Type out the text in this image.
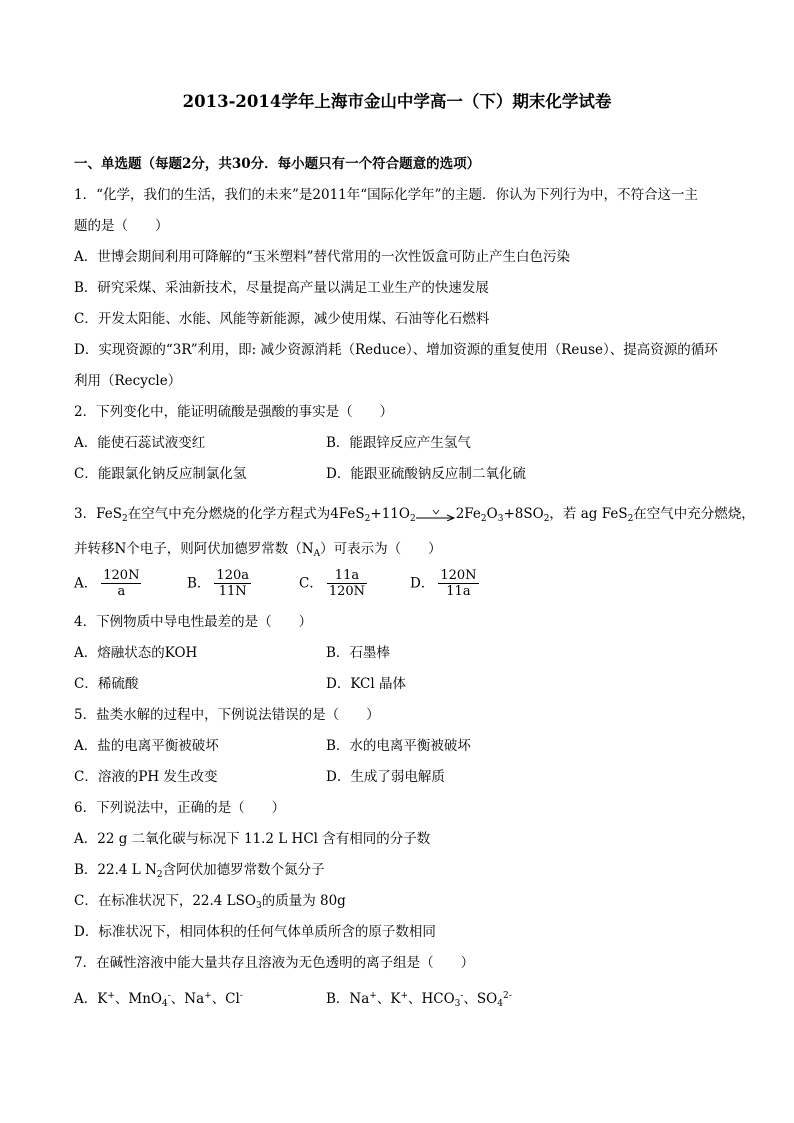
2013-2014学年上海市金山中学高一（下）期末化学试卷
一、单选题（每题2分，共30分．每小题只有一个符合题意的选项）
1．“化学，我们的生活，我们的未来”是2011年“国际化学年”的主题．你认为下列行为中，不符合这一主
题的是（　　）
A．世博会期间利用可降解的“玉米塑料”替代常用的一次性饭盒可防止产生白色污染
B．研究采煤、采油新技术，尽量提高产量以满足工业生产的快速发展
C．开发太阳能、水能、风能等新能源，减少使用煤、石油等化石燃料
D．实现资源的“3R”利用，即: 减少资源消耗（Reduce）、增加资源的重复使用（Reuse）、提高资源的循环
利用（Recycle）
2．下列变化中，能证明硫酸是强酸的事实是（　　）
A．能使石蕊试液变红	B．能跟锌反应产生氢气
C．能跟氯化钠反应制氯化氢	D．能跟亚硫酸钠反应制二氧化硫
3．FeS$_2$在空气中充分燃烧的化学方程式为$4FeS_2+11O_2\to 2Fe_2O_3+8SO_2$，若 ag FeS$_2$在空气中充分燃烧，
并转移N个电子，则阿伏加德罗常数$(N_A)$可表示为（　　）
A． $\frac{120N}{a}$	B． $\frac{120a}{11N}$	C． $\frac{11a}{120N}$	D． $\frac{120N}{11a}$
4．下例物质中导电性最差的是（　　）
A．熔融状态的KOH	B．石墨棒
C．稀硫酸	D．KCl 晶体
5．盐类水解的过程中，下例说法错误的是（　　）
A．盐的电离平衡被破坏	B．水的电离平衡被破坏
C．溶液的PH 发生改变	D．生成了弱电解质
6．下列说法中，正确的是（　　）
A．22 g 二氧化碳与标况下 11.2 L HCl 含有相同的分子数
B．22.4 L $N_2$含阿伏加德罗常数个氮分子
C．在标准状况下，22.4 $LSO_3$的质量为 80g
D．标准状况下，相同体积的任何气体单质所含的原子数相同
7．在碱性溶液中能大量共存且溶液为无色透明的离子组是（　　）
A．K+、MnO$_4$-、Na+、Cl-	B．Na+、K+、$HCO_3^-$、$SO_4^{2-}$
